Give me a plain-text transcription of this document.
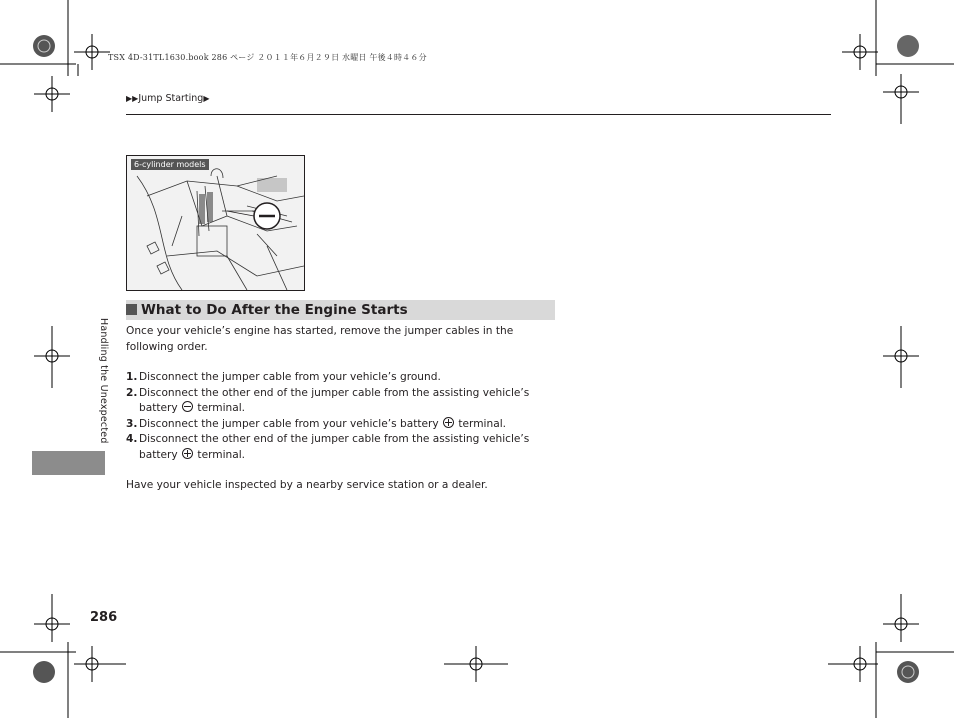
TSX 4D-31TL1630.book 286 ページ ２０１１年６月２９日 水曜日 午後４時４６分
▶▶Jump Starting▶
6-cylinder models
What to Do After the Engine Starts
Once your vehicle’s engine has started, remove the jumper cables in the following order.
1. Disconnect the jumper cable from your vehicle’s ground.
2. Disconnect the other end of the jumper cable from the assisting vehicle’s battery terminal.
3. Disconnect the jumper cable from your vehicle’s battery terminal.
4. Disconnect the other end of the jumper cable from the assisting vehicle’s battery terminal.
Have your vehicle inspected by a nearby service station or a dealer.
Handling the Unexpected
286
